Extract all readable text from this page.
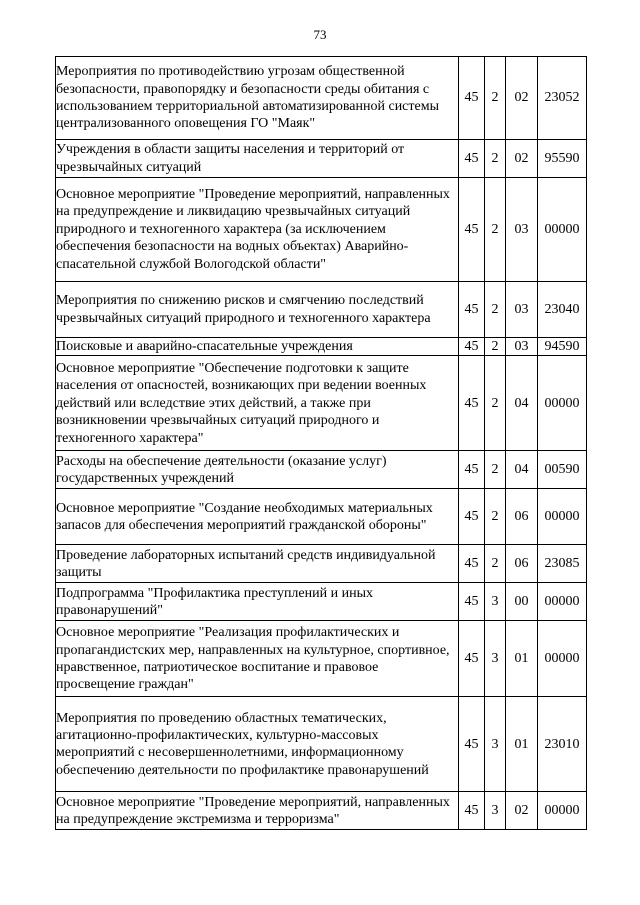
73
Мероприятия по противодействию угрозам общественной безопасности, правопорядку и безопасности среды обитания с использованием территориальной автоматизированной системы централизованного оповещения ГО "Маяк"	45	2	02	23052
Учреждения в области защиты населения и территорий от чрезвычайных ситуаций	45	2	02	95590
Основное мероприятие "Проведение мероприятий, направленных на предупреждение и ликвидацию чрезвычайных ситуаций природного и техногенного характера (за исключением обеспечения безопасности на водных объектах) Аварийно-спасательной службой Вологодской области"	45	2	03	00000
Мероприятия по снижению рисков и смягчению последствий чрезвычайных ситуаций природного и техногенного характера	45	2	03	23040
Поисковые и аварийно-спасательные учреждения	45	2	03	94590
Основное мероприятие "Обеспечение подготовки к защите населения от опасностей, возникающих при ведении военных действий или вследствие этих действий, а также при возникновении чрезвычайных ситуаций природного и техногенного характера"	45	2	04	00000
Расходы на обеспечение деятельности (оказание услуг) государственных учреждений	45	2	04	00590
Основное мероприятие "Создание необходимых материальных запасов для обеспечения мероприятий гражданской обороны"	45	2	06	00000
Проведение лабораторных испытаний средств индивидуальной защиты	45	2	06	23085
Подпрограмма "Профилактика преступлений и иных правонарушений"	45	3	00	00000
Основное мероприятие "Реализация профилактических и пропагандистских мер, направленных на культурное, спортивное, нравственное, патриотическое воспитание и правовое просвещение граждан"	45	3	01	00000
Мероприятия по проведению областных тематических, агитационно-профилактических, культурно-массовых мероприятий с несовершеннолетними, информационному обеспечению деятельности по профилактике правонарушений	45	3	01	23010
Основное мероприятие "Проведение мероприятий, направленных на предупреждение экстремизма и терроризма"	45	3	02	00000
